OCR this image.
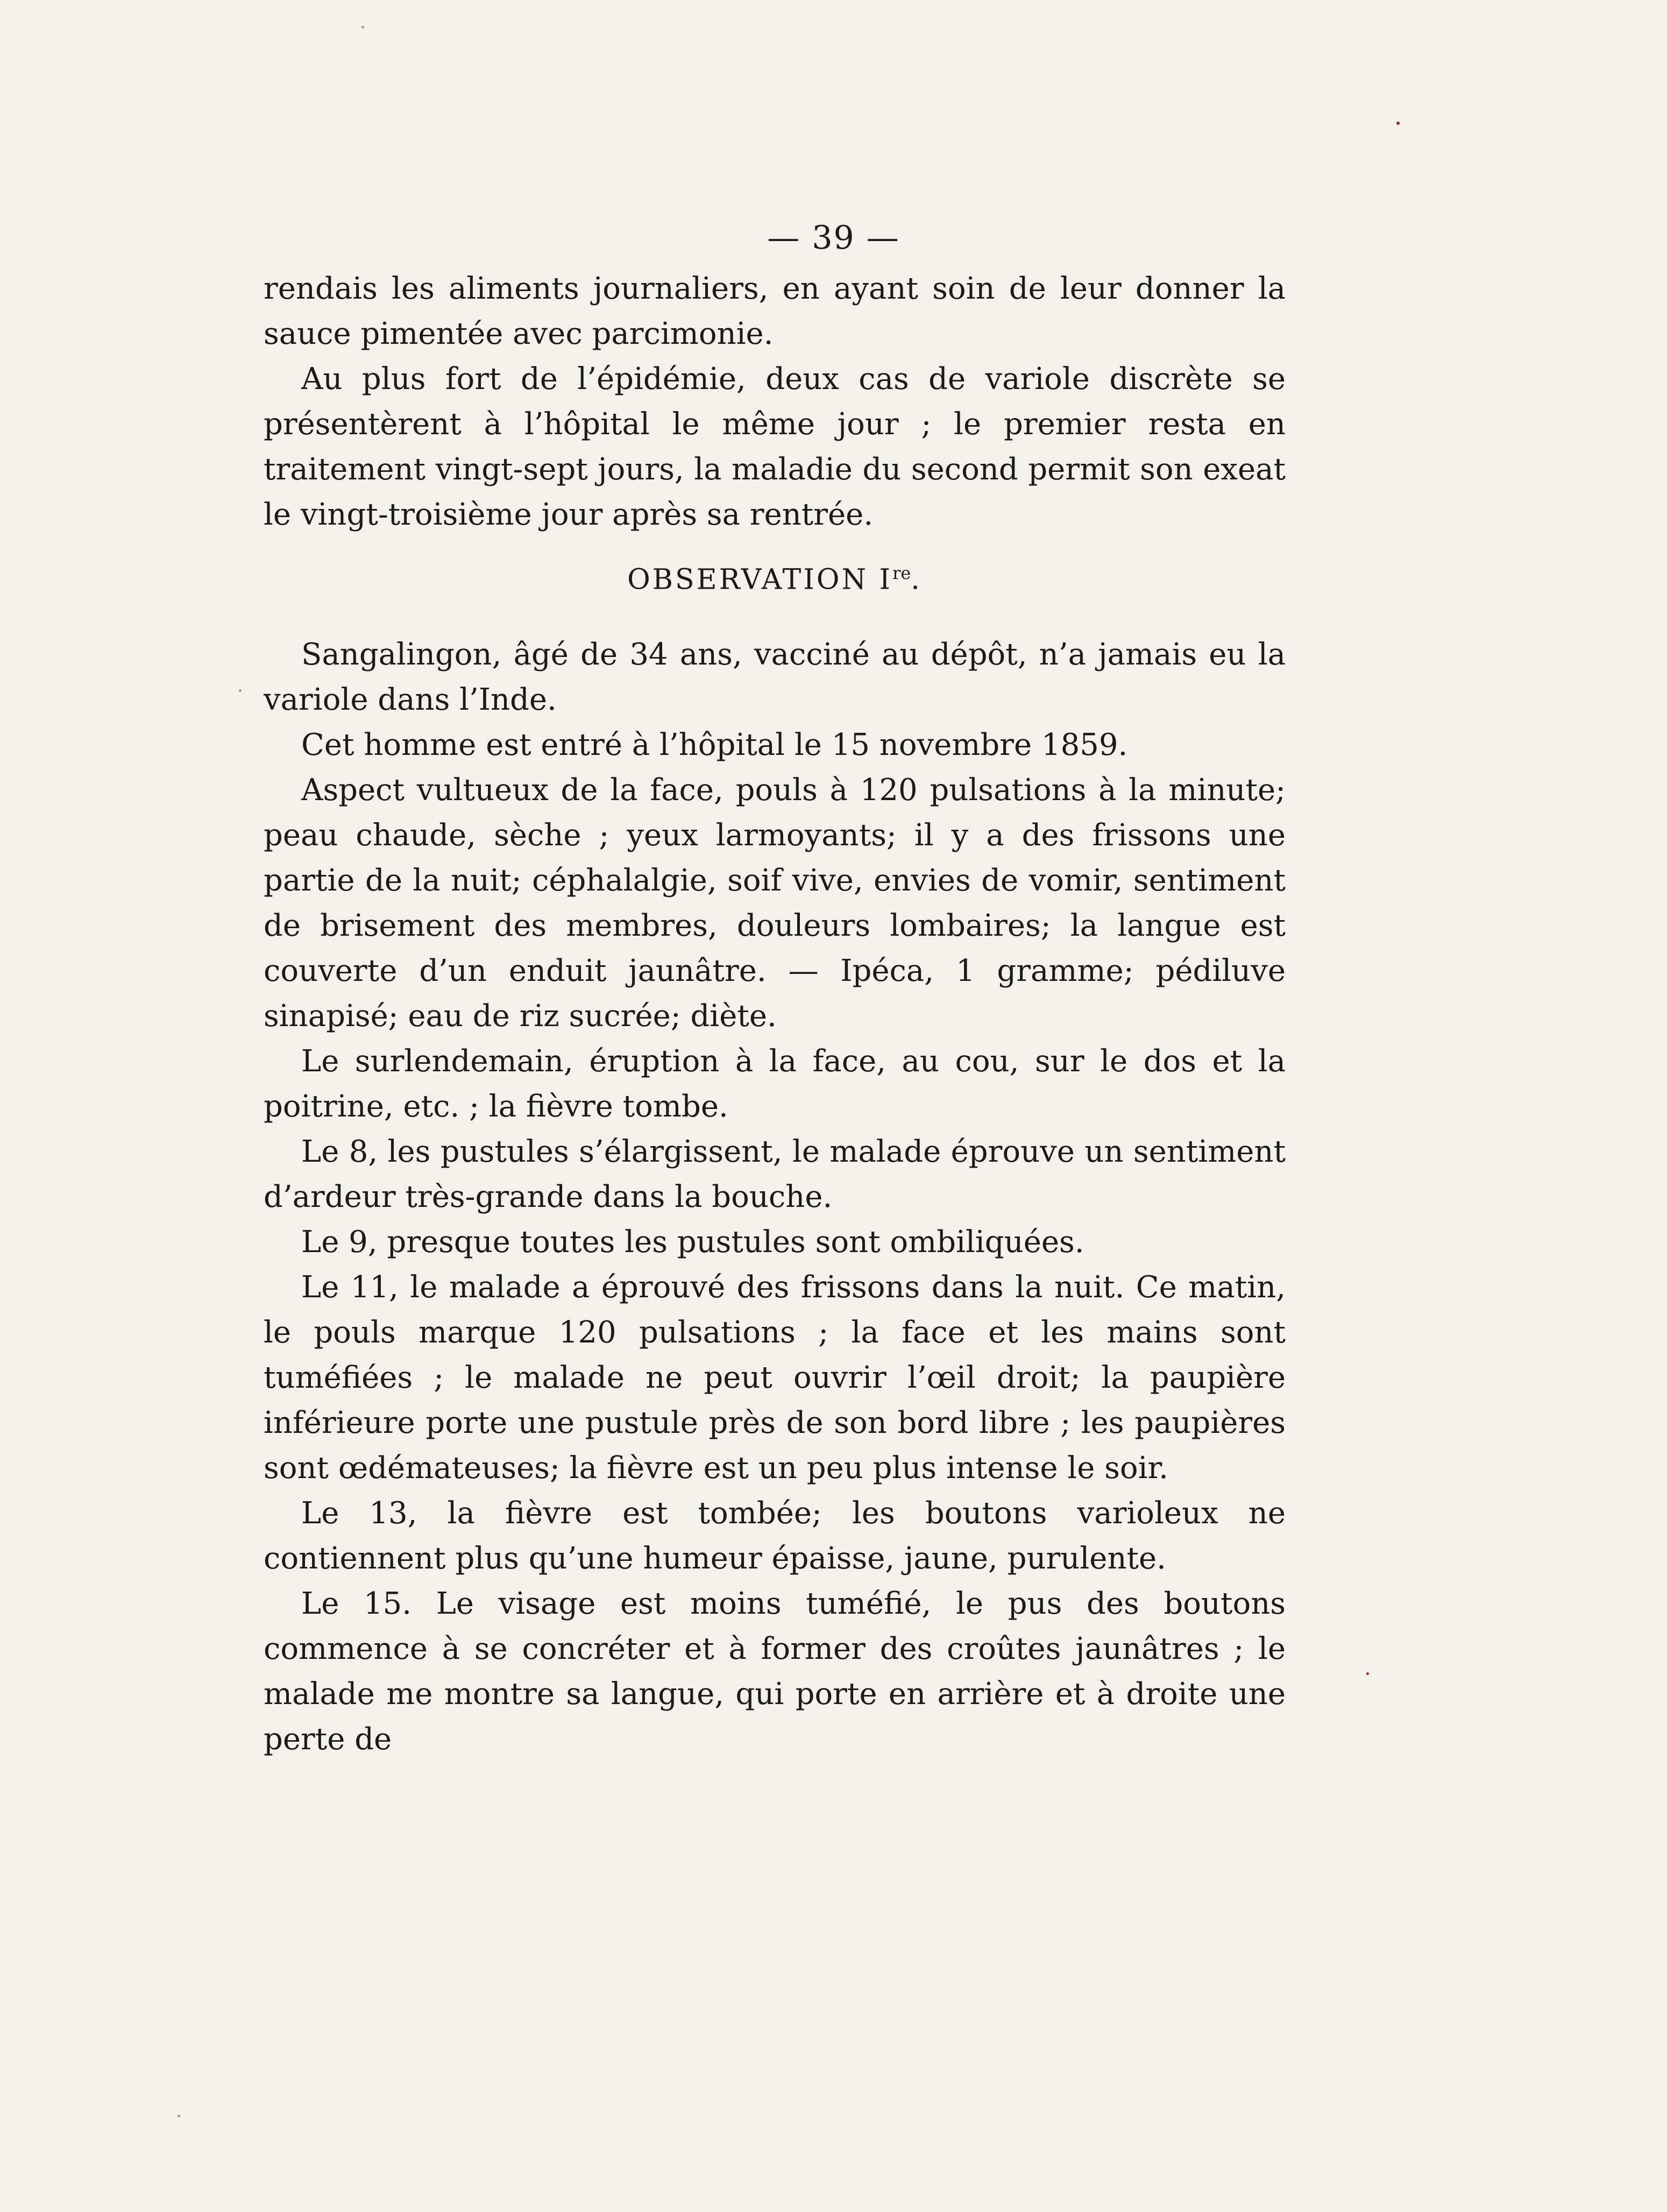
— 39 —

rendais les aliments journaliers, en ayant soin de leur donner la sauce pimentée avec parcimonie.

Au plus fort de l’épidémie, deux cas de variole discrète se présentèrent à l’hôpital le même jour ; le premier resta en traitement vingt-sept jours, la maladie du second permit son exeat le vingt-troisième jour après sa rentrée.

OBSERVATION Ire.

Sangalingon, âgé de 34 ans, vacciné au dépôt, n’a jamais eu la variole dans l’Inde.

Cet homme est entré à l’hôpital le 15 novembre 1859.

Aspect vultueux de la face, pouls à 120 pulsations à la minute; peau chaude, sèche ; yeux larmoyants; il y a des frissons une partie de la nuit; céphalalgie, soif vive, envies de vomir, sentiment de brisement des membres, douleurs lombaires; la langue est couverte d’un enduit jaunâtre. — Ipéca, 1 gramme; pédiluve sinapisé; eau de riz sucrée; diète.

Le surlendemain, éruption à la face, au cou, sur le dos et la poitrine, etc. ; la fièvre tombe.

Le 8, les pustules s’élargissent, le malade éprouve un sentiment d’ardeur très-grande dans la bouche.

Le 9, presque toutes les pustules sont ombiliquées.

Le 11, le malade a éprouvé des frissons dans la nuit. Ce matin, le pouls marque 120 pulsations ; la face et les mains sont tuméfiées ; le malade ne peut ouvrir l’œil droit; la paupière inférieure porte une pustule près de son bord libre ; les paupières sont œdémateuses; la fièvre est un peu plus intense le soir.

Le 13, la fièvre est tombée; les boutons varioleux ne contiennent plus qu’une humeur épaisse, jaune, purulente.

Le 15. Le visage est moins tuméfié, le pus des boutons commence à se concréter et à former des croûtes jaunâtres ; le malade me montre sa langue, qui porte en arrière et à droite une perte de
